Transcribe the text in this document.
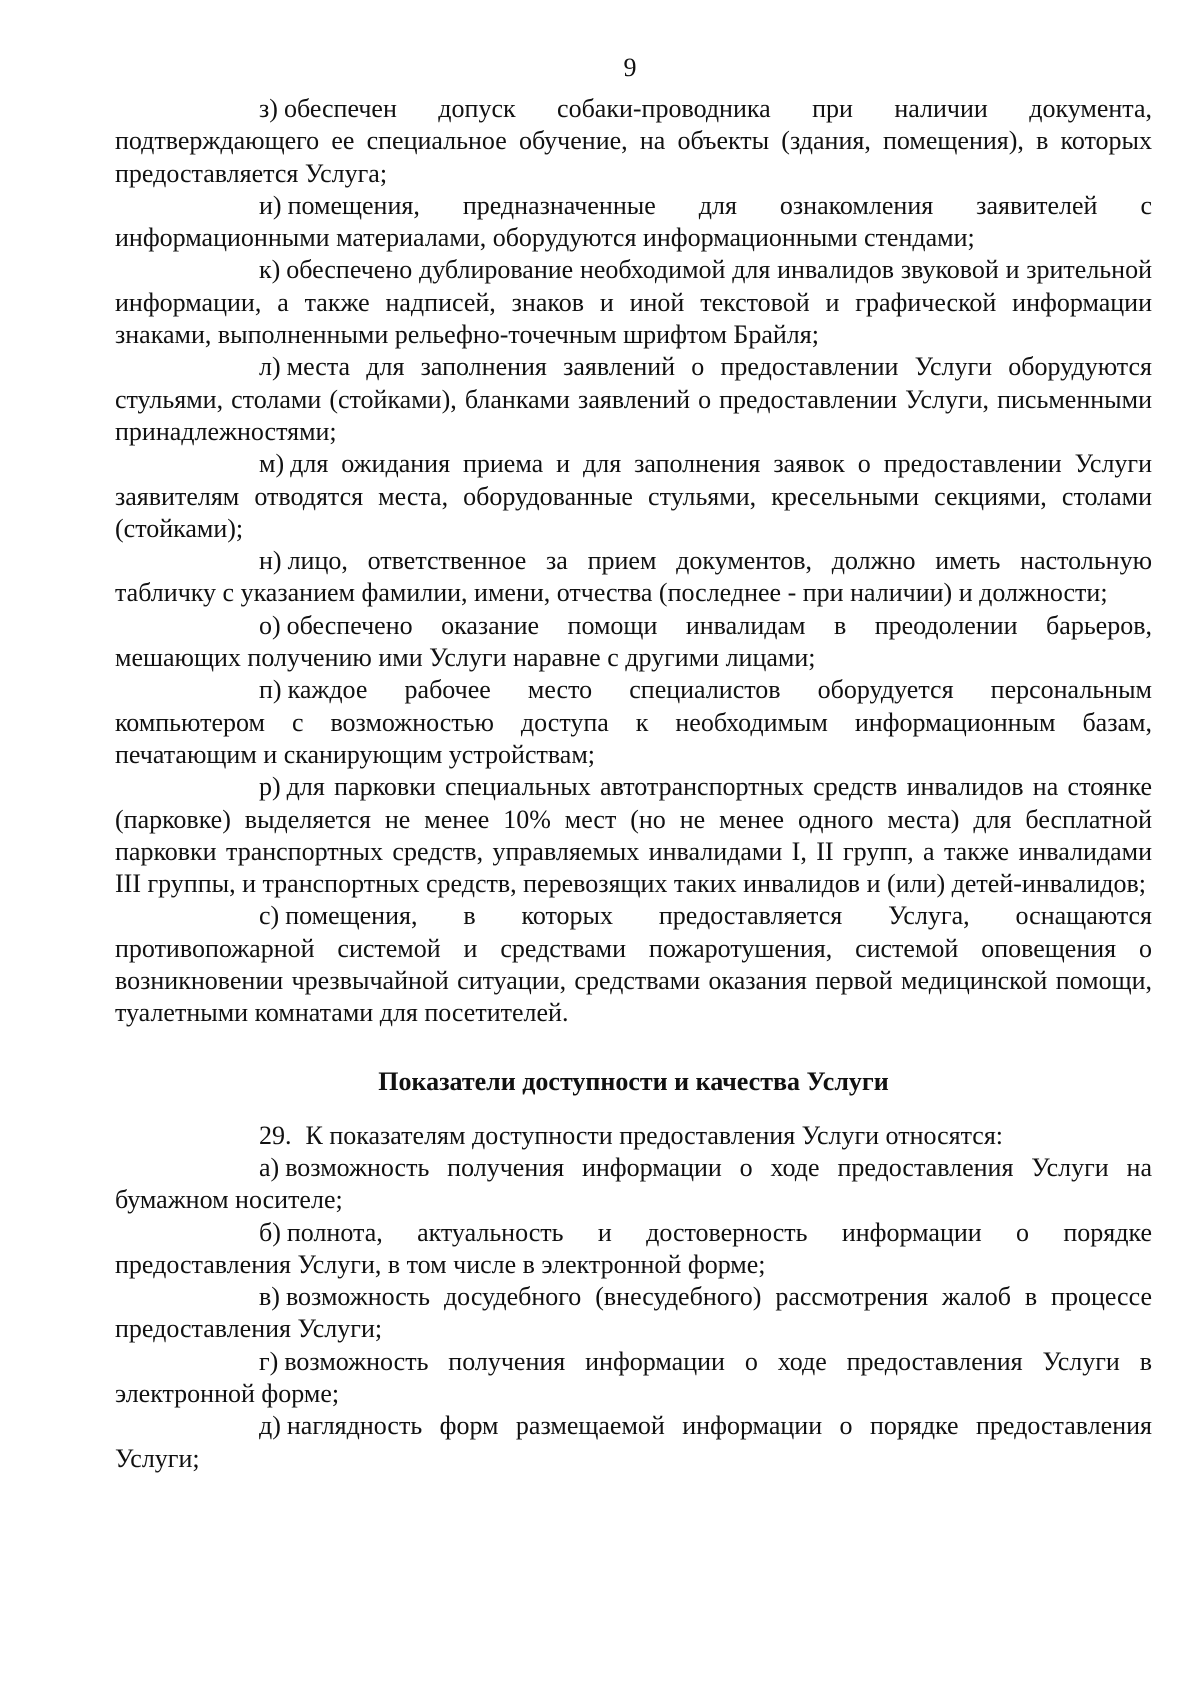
9

з) обеспечен допуск собаки-проводника при наличии документа, подтверждающего ее специальное обучение, на объекты (здания, помещения), в которых предоставляется Услуга;

и) помещения, предназначенные для ознакомления заявителей с информационными материалами, оборудуются информационными стендами;

к) обеспечено дублирование необходимой для инвалидов звуковой и зрительной информации, а также надписей, знаков и иной текстовой и графической информации знаками, выполненными рельефно-точечным шрифтом Брайля;

л) места для заполнения заявлений о предоставлении Услуги оборудуются стульями, столами (стойками), бланками заявлений о предоставлении Услуги, письменными принадлежностями;

м) для ожидания приема и для заполнения заявок о предоставлении Услуги заявителям отводятся места, оборудованные стульями, кресельными секциями, столами (стойками);

н) лицо, ответственное за прием документов, должно иметь настольную табличку с указанием фамилии, имени, отчества (последнее - при наличии) и должности;

о) обеспечено оказание помощи инвалидам в преодолении барьеров, мешающих получению ими Услуги наравне с другими лицами;

п) каждое рабочее место специалистов оборудуется персональным компьютером с возможностью доступа к необходимым информационным базам, печатающим и сканирующим устройствам;

р) для парковки специальных автотранспортных средств инвалидов на стоянке (парковке) выделяется не менее 10% мест (но не менее одного места) для бесплатной парковки транспортных средств, управляемых инвалидами I, II групп, а также инвалидами III группы, и транспортных средств, перевозящих таких инвалидов и (или) детей-инвалидов;

с) помещения, в которых предоставляется Услуга, оснащаются противопожарной системой и средствами пожаротушения, системой оповещения о возникновении чрезвычайной ситуации, средствами оказания первой медицинской помощи, туалетными комнатами для посетителей.

Показатели доступности и качества Услуги

29. К показателям доступности предоставления Услуги относятся:

а) возможность получения информации о ходе предоставления Услуги на бумажном носителе;

б) полнота, актуальность и достоверность информации о порядке предоставления Услуги, в том числе в электронной форме;

в) возможность досудебного (внесудебного) рассмотрения жалоб в процессе предоставления Услуги;

г) возможность получения информации о ходе предоставления Услуги в электронной форме;

д) наглядность форм размещаемой информации о порядке предоставления Услуги;
